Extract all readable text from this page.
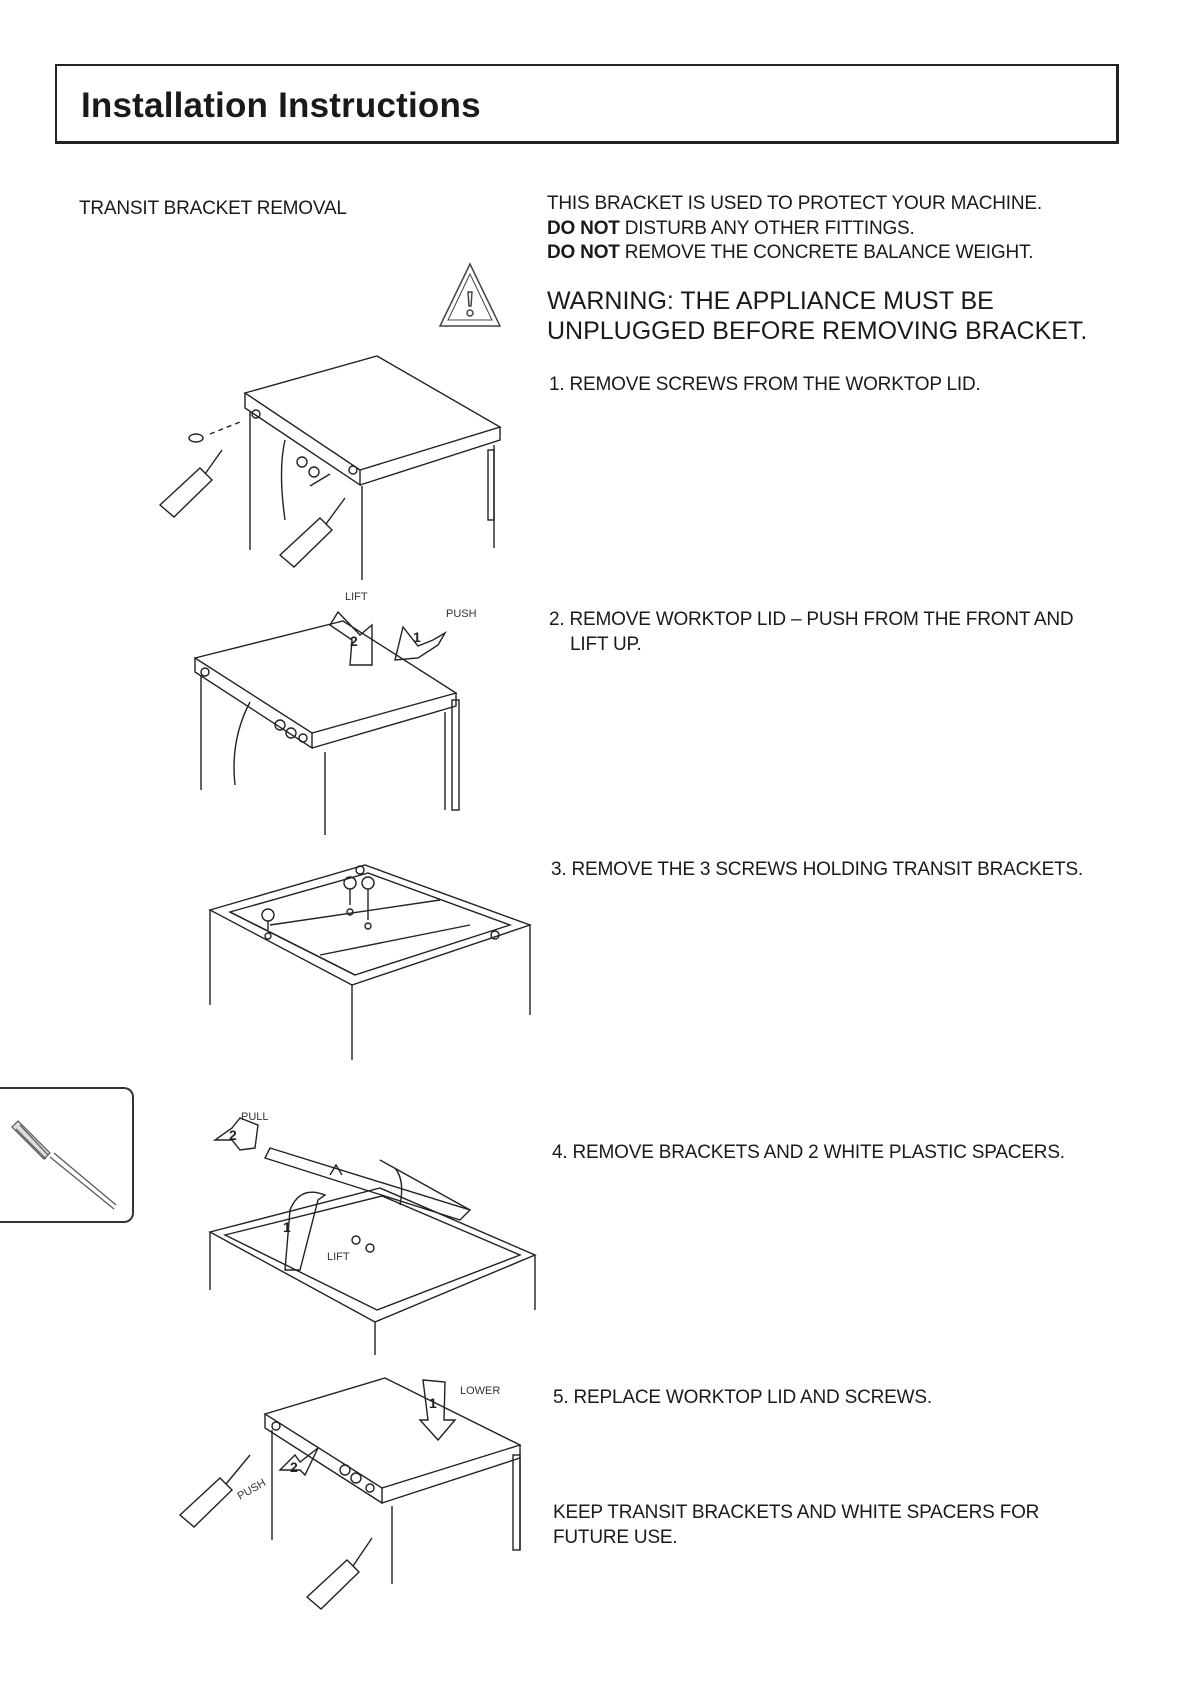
Installation Instructions
TRANSIT BRACKET REMOVAL	THIS BRACKET IS USED TO PROTECT YOUR MACHINE.
DO NOT DISTURB ANY OTHER FITTINGS.
DO NOT REMOVE THE CONCRETE BALANCE WEIGHT.
WARNING: THE APPLIANCE MUST BE
UNPLUGGED BEFORE REMOVING BRACKET.
1. REMOVE SCREWS FROM THE WORKTOP LID.
2. REMOVE WORKTOP LID – PUSH FROM THE FRONT AND
LIFT UP.
3. REMOVE THE 3 SCREWS HOLDING TRANSIT BRACKETS.
4. REMOVE BRACKETS AND 2 WHITE PLASTIC SPACERS.
5. REPLACE WORKTOP LID AND SCREWS.
KEEP TRANSIT BRACKETS AND WHITE SPACERS FOR
FUTURE USE.
LIFT
PUSH
2	1
PULL
LIFT
2
1
LOWER
PUSH
1
2
